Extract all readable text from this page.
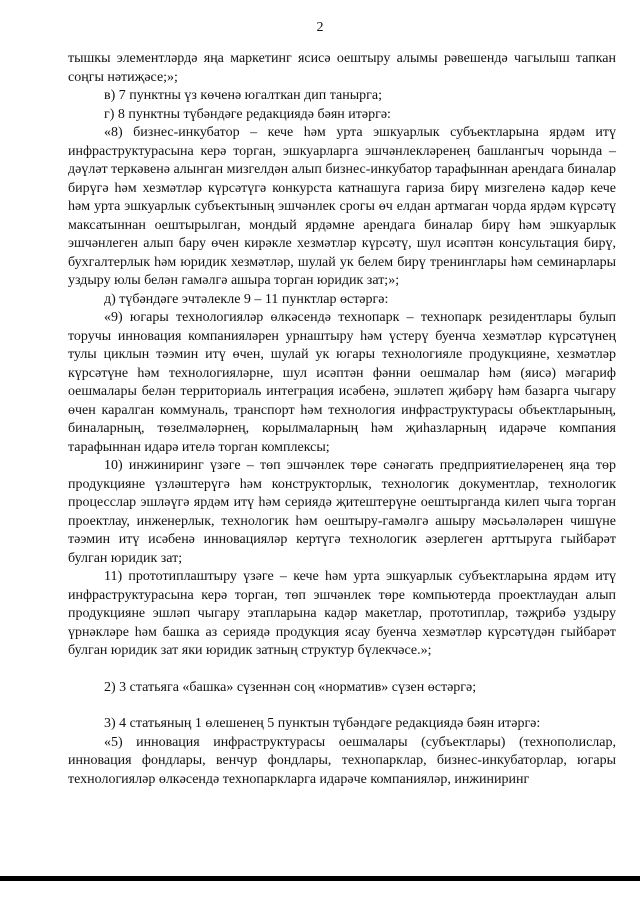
2

тышкы элементләрдә яңа маркетинг ясисә оештыру алымы рәвешендә чагылыш тапкан соңгы нәтиҗәсе;»;

в) 7 пунктны үз көченә югалткан дип танырга;

г) 8 пунктны түбәндәге редакциядә бәян итәргә:

«8) бизнес-инкубатор – кече һәм урта эшкуарлык субъектларына ярдәм итү инфраструктурасына керә торган, эшкуарларга эшчәнлекләренең башлангыч чорында – дәүләт теркәвенә алынган мизгелдән алып бизнес-инкубатор тарафыннан арендага биналар бирүгә һәм хезмәтләр күрсәтүгә конкурста катнашуга гариза бирү мизгеленә кадәр кече һәм урта эшкуарлык субъектының эшчәнлек срогы өч елдан артмаган чорда ярдәм күрсәтү максатыннан оештырылган, мондый ярдәмне арендага биналар бирү һәм эшкуарлык эшчәнлеген алып бару өчен кирәкле хезмәтләр күрсәтү, шул исәптән консультация бирү, бухгалтерлык һәм юридик хезмәтләр, шулай ук белем бирү тренинглары һәм семинарлары уздыру юлы белән гамәлгә ашыра торган юридик зат;»;

д) түбәндәге эчтәлекле 9 – 11 пунктлар өстәргә:

«9) югары технологияләр өлкәсендә технопарк – технопарк резидентлары булып торучы инновация компанияләрен урнаштыру һәм үстерү буенча хезмәтләр күрсәтүнең тулы циклын тәэмин итү өчен, шулай ук югары технологияле продукцияне, хезмәтләр күрсәтүне һәм технологияләрне, шул исәптән фәнни оешмалар һәм (яисә) мәгариф оешмалары белән территориаль интеграция исәбенә, эшләтеп җибәрү һәм базарга чыгару өчен каралган коммуналь, транспорт һәм технология инфраструктурасы объектларының, биналарның, төзелмәләрнең, корылмаларның һәм җиһазларның идарәче компания тарафыннан идарә ителә торган комплексы;

10) инжиниринг үзәге – төп эшчәнлек төре сәнәгать предприятиеләренең яңа төр продукцияне үзләштерүгә һәм конструкторлык, технологик документлар, технологик процесслар эшләүгә ярдәм итү һәм сериядә җитештерүне оештырганда килеп чыга торган проектлау, инженерлык, технологик һәм оештыру-гамәлгә ашыру мәсьәләләрен чишүне тәэмин итү исәбенә инновацияләр кертүгә технологик әзерлеген арттыруга гыйбарәт булган юридик зат;

11) прототиплаштыру үзәге – кече һәм урта эшкуарлык субъектларына ярдәм итү инфраструктурасына керә торган, төп эшчәнлек төре компьютерда проектлаудан алып продукцияне эшләп чыгару этапларына кадәр макетлар, прототиплар, тәҗрибә уздыру үрнәкләре һәм башка аз сериядә продукция ясау буенча хезмәтләр күрсәтүдән гыйбарәт булган юридик зат яки юридик затның структур бүлекчәсе.»;

2) 3 статьяга «башка» сүзеннән соң «норматив» сүзен өстәргә;

3) 4 статьяның 1 өлешенең 5 пунктын түбәндәге редакциядә бәян итәргә:

«5) инновация инфраструктурасы оешмалары (субъектлары) (технополислар, инновация фондлары, венчур фондлары, технопарклар, бизнес-инкубаторлар, югары технологияләр өлкәсендә технопаркларга идарәче компанияләр, инжиниринг
